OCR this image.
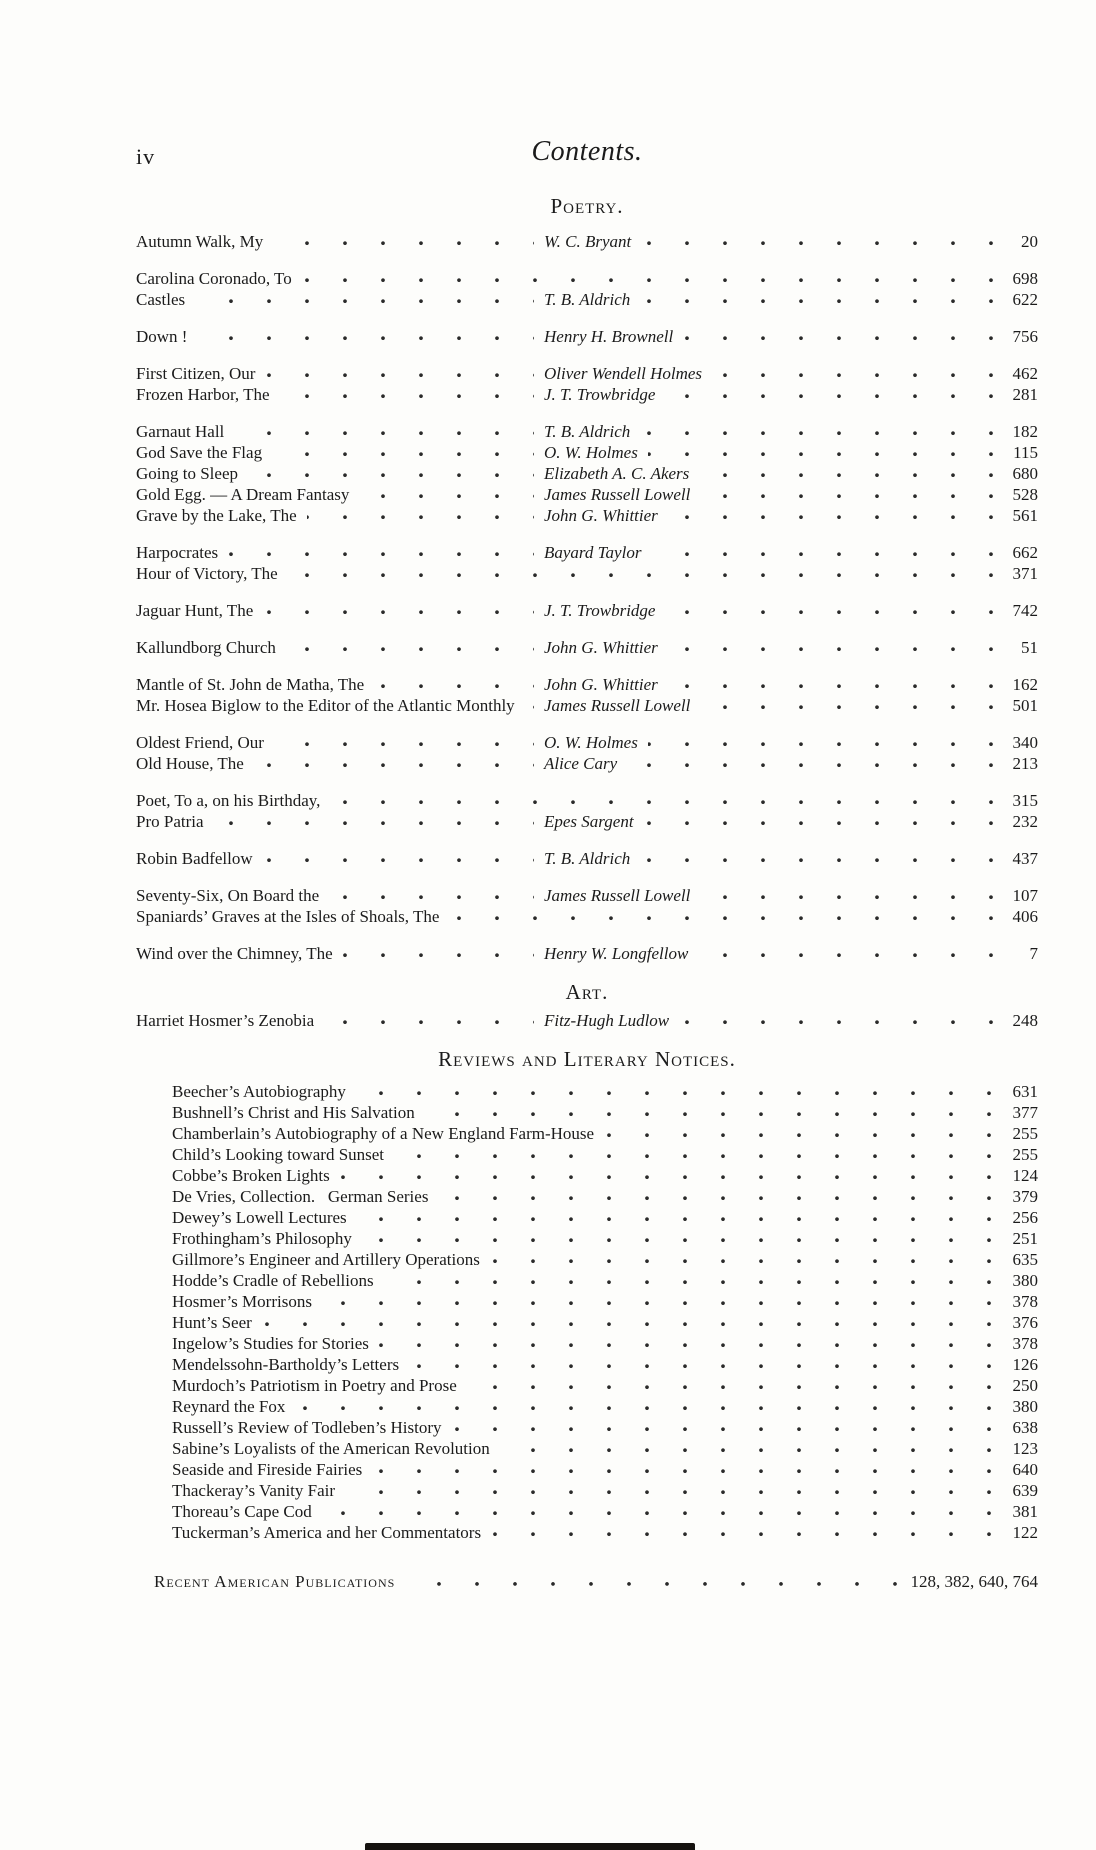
iv	Contents.
Poetry.
Autumn Walk, My	W. C. Bryant	20
Carolina Coronado, To	698
Castles	T. B. Aldrich	622
Down !	Henry H. Brownell	756
First Citizen, Our	Oliver Wendell Holmes	462
Frozen Harbor, The	J. T. Trowbridge	281
Garnaut Hall	T. B. Aldrich	182
God Save the Flag	O. W. Holmes	115
Going to Sleep	Elizabeth A. C. Akers	680
Gold Egg. — A Dream Fantasy	James Russell Lowell	528
Grave by the Lake, The	John G. Whittier	561
Harpocrates	Bayard Taylor	662
Hour of Victory, The	371
Jaguar Hunt, The	J. T. Trowbridge	742
Kallundborg Church	John G. Whittier	51
Mantle of St. John de Matha, The	John G. Whittier	162
Mr. Hosea Biglow to the Editor of the Atlantic Monthly	James Russell Lowell	501
Oldest Friend, Our	O. W. Holmes	340
Old House, The	Alice Cary	213
Poet, To a, on his Birthday,	315
Pro Patria	Epes Sargent	232
Robin Badfellow	T. B. Aldrich	437
Seventy-Six, On Board the	James Russell Lowell	107
Spaniards’ Graves at the Isles of Shoals, The	406
Wind over the Chimney, The	Henry W. Longfellow	7
Art.
Harriet Hosmer’s Zenobia	Fitz-Hugh Ludlow	248
Reviews and Literary Notices.
Beecher’s Autobiography	631
Bushnell’s Christ and His Salvation	377
Chamberlain’s Autobiography of a New England Farm-House	255
Child’s Looking toward Sunset	255
Cobbe’s Broken Lights	124
De Vries, Collection.  German Series	379
Dewey’s Lowell Lectures	256
Frothingham’s Philosophy	251
Gillmore’s Engineer and Artillery Operations	635
Hodde’s Cradle of Rebellions	380
Hosmer’s Morrisons	378
Hunt’s Seer	376
Ingelow’s Studies for Stories	378
Mendelssohn-Bartholdy’s Letters	126
Murdoch’s Patriotism in Poetry and Prose	250
Reynard the Fox	380
Russell’s Review of Todleben’s History	638
Sabine’s Loyalists of the American Revolution	123
Seaside and Fireside Fairies	640
Thackeray’s Vanity Fair	639
Thoreau’s Cape Cod	381
Tuckerman’s America and her Commentators	122
Recent American Publications	128, 382, 640, 764
